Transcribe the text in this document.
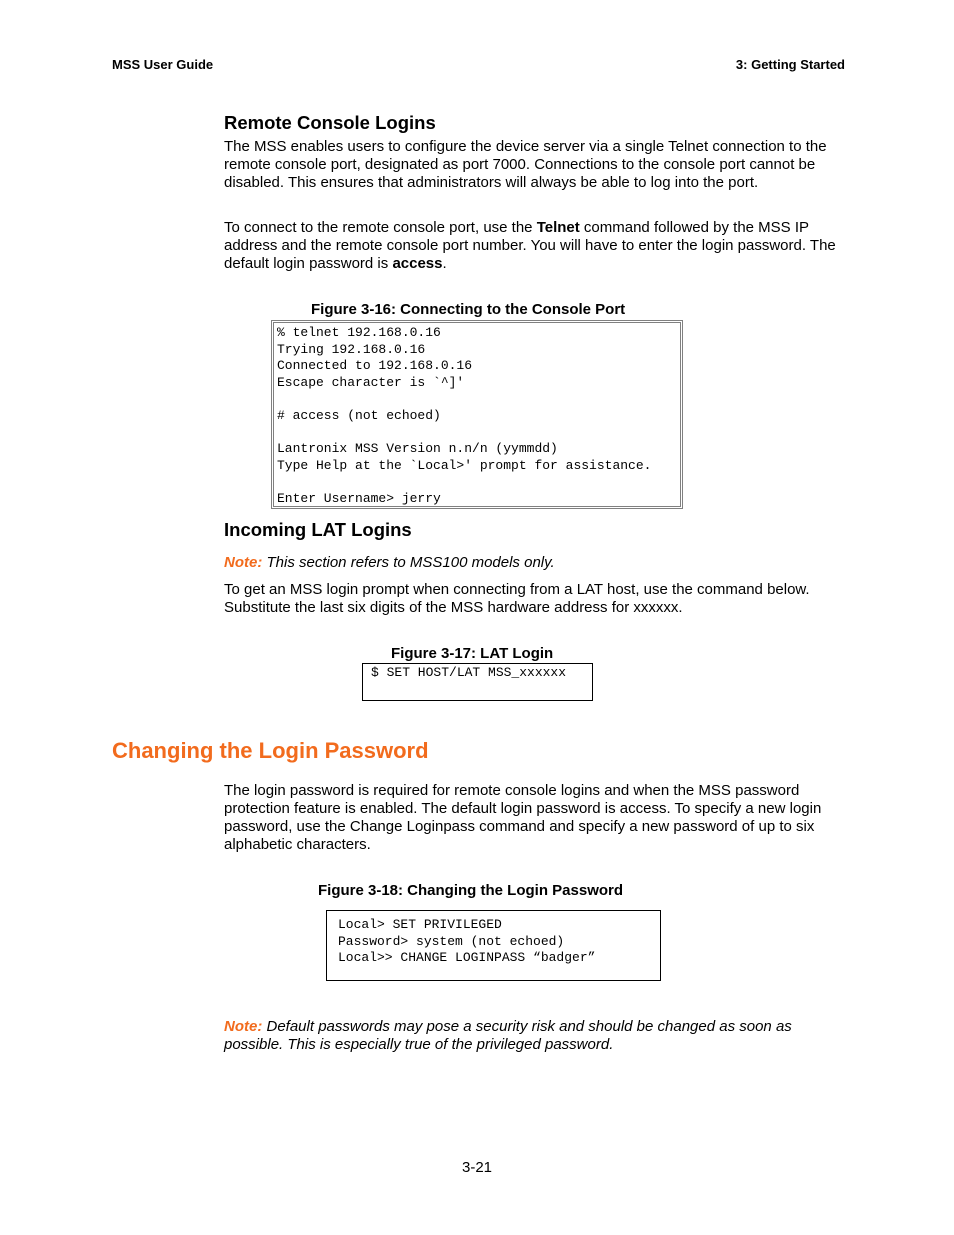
MSS User Guide	3: Getting Started
Remote Console Logins

The MSS enables users to configure the device server via a single Telnet connection to the remote console port, designated as port 7000. Connections to the console port cannot be disabled. This ensures that administrators will always be able to log into the port.

To connect to the remote console port, use the Telnet command followed by the MSS IP address and the remote console port number. You will have to enter the login password. The default login password is access.

Figure 3-16: Connecting to the Console Port
% telnet 192.168.0.16
Trying 192.168.0.16
Connected to 192.168.0.16
Escape character is `^]'

# access (not echoed)

Lantronix MSS Version n.n/n (yymmdd)
Type Help at the `Local>' prompt for assistance.

Enter Username> jerry
Incoming LAT Logins

Note: This section refers to MSS100 models only.

To get an MSS login prompt when connecting from a LAT host, use the command below. Substitute the last six digits of the MSS hardware address for xxxxxx.

Figure 3-17: LAT Login
$ SET HOST/LAT MSS_xxxxxx
Changing the Login Password

The login password is required for remote console logins and when the MSS password protection feature is enabled. The default login password is access. To specify a new login password, use the Change Loginpass command and specify a new password of up to six alphabetic characters.

Figure 3-18: Changing the Login Password
Local> SET PRIVILEGED
Password> system (not echoed)
Local>> CHANGE LOGINPASS “badger”

Note: Default passwords may pose a security risk and should be changed as soon as possible. This is especially true of the privileged password.

3-21
